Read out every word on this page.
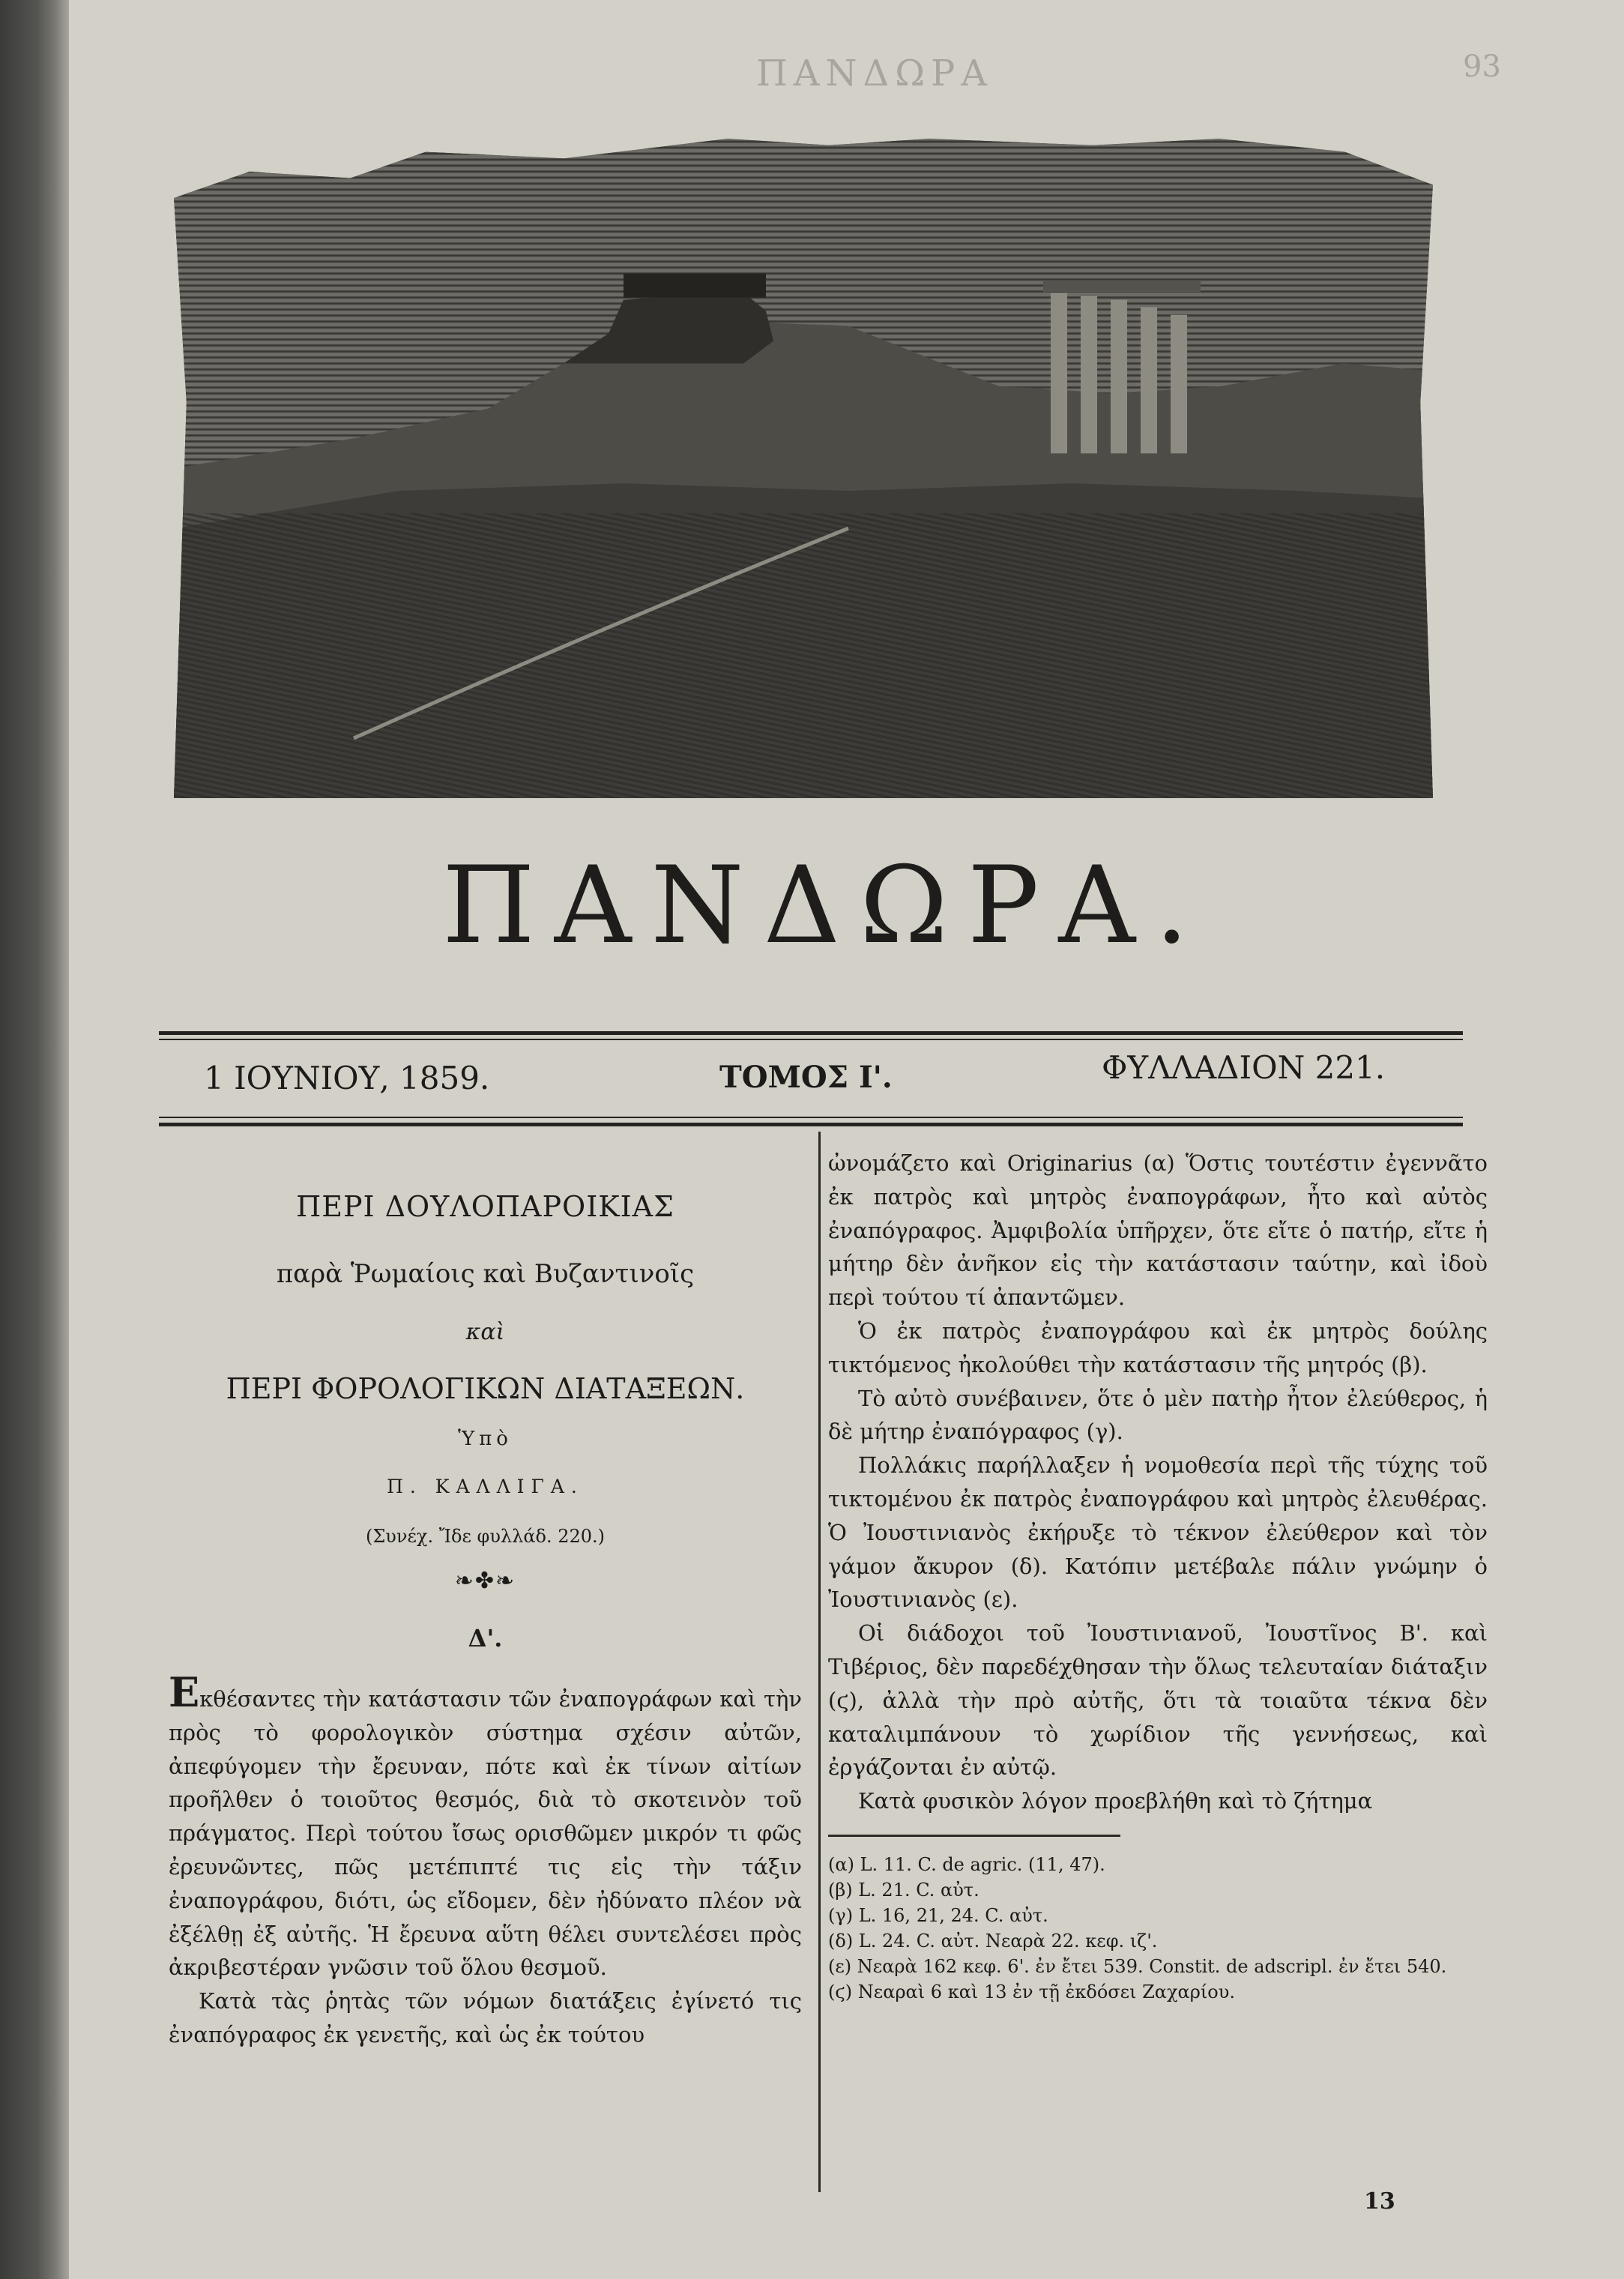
ΠΑΝΔΩΡΑ	93
ΠΑΝΔΩΡΑ.
1 ΙΟΥΝΙΟΥ, 1859.	ΤΟΜΟΣ Ι'.	ΦΥΛΛΑΔΙΟΝ 221.
ΠΕΡΙ ΔΟΥΛΟΠΑΡΟΙΚΙΑΣ
παρὰ Ῥωμαίοις καὶ Βυζαντινοῖς
καὶ
ΠΕΡΙ ΦΟΡΟΛΟΓΙΚΩΝ ΔΙΑΤΑΞΕΩΝ.
Ὑπὸ
Π. ΚΑΛΛΙΓΑ.
(Συνέχ. Ἴδε φυλλάδ. 220.)
❧✤❧
Δ'.

Εκθέσαντες τὴν κατάστασιν τῶν ἐναπογράφων καὶ τὴν πρὸς τὸ φορολογικὸν σύστημα σχέσιν αὐτῶν, ἀπεφύγομεν τὴν ἔρευναν, πότε καὶ ἐκ τίνων αἰτίων προῆλθεν ὁ τοιοῦτος θεσμός, διὰ τὸ σκοτεινὸν τοῦ πράγματος. Περὶ τούτου ἴσως ορισθῶμεν μικρόν τι φῶς ἐρευνῶντες, πῶς μετέπιπτέ τις εἰς τὴν τάξιν ἐναπογράφου, διότι, ὡς εἴδομεν, δὲν ἠδύνατο πλέον νὰ ἐξέλθῃ ἐξ αὐτῆς. Ἡ ἔρευνα αὕτη θέλει συντελέσει πρὸς ἀκριβεστέραν γνῶσιν τοῦ ὅλου θεσμοῦ.

Κατὰ τὰς ῥητὰς τῶν νόμων διατάξεις ἐγίνετό τις ἐναπόγραφος ἐκ γενετῆς, καὶ ὡς ἐκ τούτου

ὠνομάζετο καὶ Originarius (α) Ὅστις τουτέστιν ἐγεννᾶτο ἐκ πατρὸς καὶ μητρὸς ἐναπογράφων, ἦτο καὶ αὐτὸς ἐναπόγραφος. Ἀμφιβολία ὑπῆρχεν, ὅτε εἴτε ὁ πατήρ, εἴτε ἡ μήτηρ δὲν ἀνῆκον εἰς τὴν κατάστασιν ταύτην, καὶ ἰδοὺ περὶ τούτου τί ἀπαντῶμεν.

Ὁ ἐκ πατρὸς ἐναπογράφου καὶ ἐκ μητρὸς δούλης τικτόμενος ἠκολούθει τὴν κατάστασιν τῆς μητρός (β).

Τὸ αὐτὸ συνέβαινεν, ὅτε ὁ μὲν πατὴρ ἦτον ἐλεύθερος, ἡ δὲ μήτηρ ἐναπόγραφος (γ).

Πολλάκις παρήλλαξεν ἡ νομοθεσία περὶ τῆς τύχης τοῦ τικτομένου ἐκ πατρὸς ἐναπογράφου καὶ μητρὸς ἐλευθέρας. Ὁ Ἰουστινιανὸς ἐκήρυξε τὸ τέκνον ἐλεύθερον καὶ τὸν γάμον ἄκυρον (δ). Κατόπιν μετέβαλε πάλιν γνώμην ὁ Ἰουστινιανὸς (ε).

Οἱ διάδοχοι τοῦ Ἰουστινιανοῦ, Ἰουστῖνος Β'. καὶ Τιβέριος, δὲν παρεδέχθησαν τὴν ὅλως τελευταίαν διάταξιν (ϛ), ἀλλὰ τὴν πρὸ αὐτῆς, ὅτι τὰ τοιαῦτα τέκνα δὲν καταλιμπάνουν τὸ χωρίδιον τῆς γεννήσεως, καὶ ἐργάζονται ἐν αὐτῷ.

Κατὰ φυσικὸν λόγον προεβλήθη καὶ τὸ ζήτημα

(α) L. 11. C. de agric. (11, 47).

(β) L. 21. C. αὐτ.

(γ) L. 16, 21, 24. C. αὐτ.

(δ) L. 24. C. αὐτ. Νεαρὰ 22. κεφ. ιζ'.

(ε) Νεαρὰ 162 κεφ. 6'. ἐν ἔτει 539. Constit. de adscripl. ἐν ἔτει 540.

(ϛ) Νεαραὶ 6 καὶ 13 ἐν τῇ ἐκδόσει Ζαχαρίου.

13
